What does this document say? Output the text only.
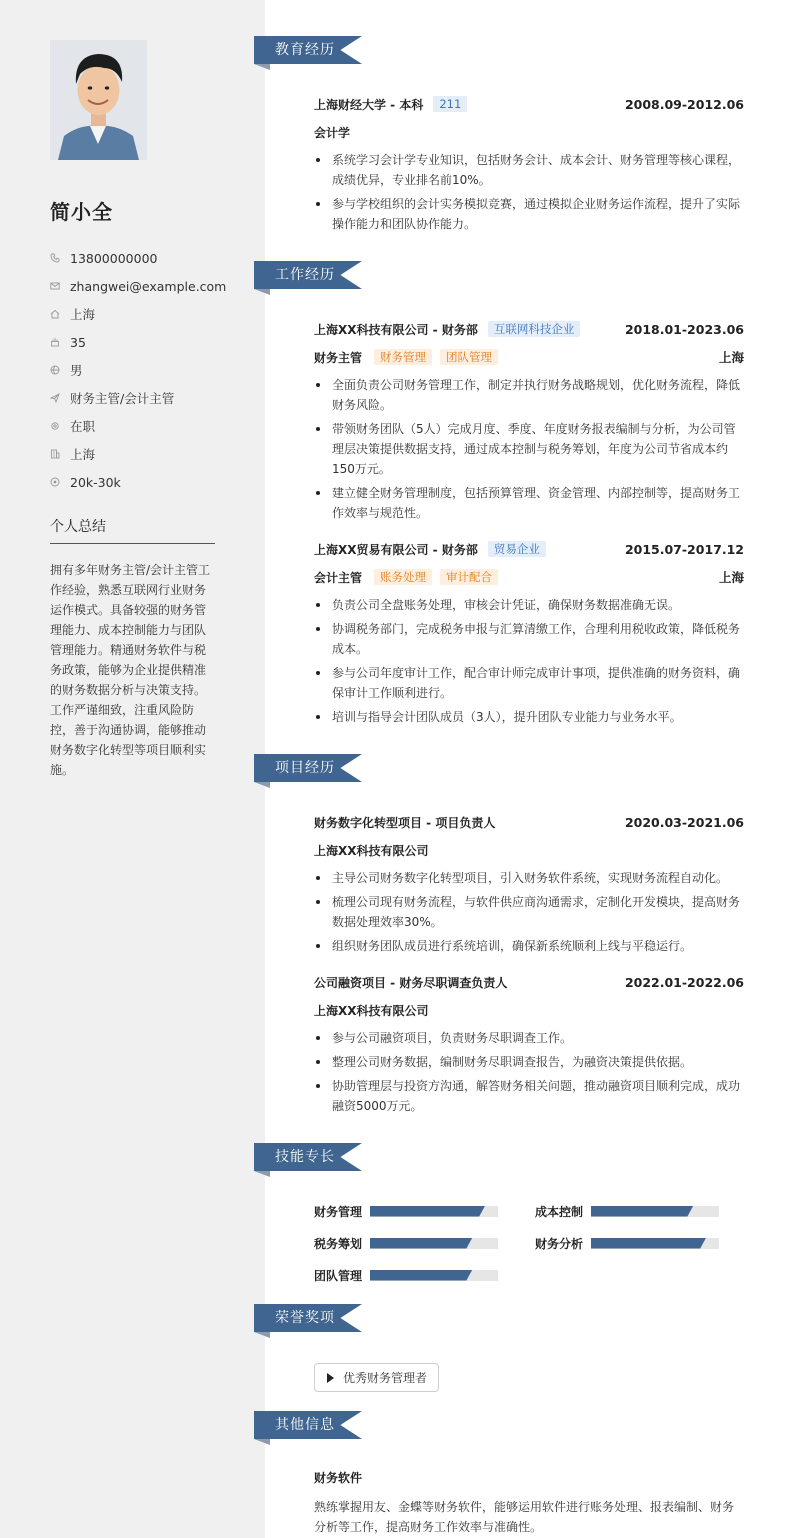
简小全
13800000000
zhangwei@example.com
上海
35
男
财务主管/会计主管
在职
上海
20k-30k
个人总结
拥有多年财务主管/会计主管工作经验，熟悉互联网行业财务运作模式。具备较强的财务管理能力、成本控制能力与团队管理能力。精通财务软件与税务政策，能够为企业提供精准的财务数据分析与决策支持。工作严谨细致，注重风险防控，善于沟通协调，能够推动财务数字化转型等项目顺利实施。
教育经历
上海财经大学 - 本科	211	2008.09-2012.06
会计学
系统学习会计学专业知识，包括财务会计、成本会计、财务管理等核心课程，成绩优异，专业排名前10%。
参与学校组织的会计实务模拟竞赛，通过模拟企业财务运作流程，提升了实际操作能力和团队协作能力。
工作经历
上海XX科技有限公司 - 财务部	互联网科技企业	2018.01-2023.06
财务主管	财务管理	团队管理	上海
全面负责公司财务管理工作，制定并执行财务战略规划，优化财务流程，降低财务风险。
带领财务团队（5人）完成月度、季度、年度财务报表编制与分析，为公司管理层决策提供数据支持，通过成本控制与税务筹划，年度为公司节省成本约150万元。
建立健全财务管理制度，包括预算管理、资金管理、内部控制等，提高财务工作效率与规范性。
上海XX贸易有限公司 - 财务部	贸易企业	2015.07-2017.12
会计主管	账务处理	审计配合	上海
负责公司全盘账务处理，审核会计凭证，确保财务数据准确无误。
协调税务部门，完成税务申报与汇算清缴工作，合理利用税收政策，降低税务成本。
参与公司年度审计工作，配合审计师完成审计事项，提供准确的财务资料，确保审计工作顺利进行。
培训与指导会计团队成员（3人），提升团队专业能力与业务水平。
项目经历
财务数字化转型项目 - 项目负责人	2020.03-2021.06
上海XX科技有限公司
主导公司财务数字化转型项目，引入财务软件系统，实现财务流程自动化。
梳理公司现有财务流程，与软件供应商沟通需求，定制化开发模块，提高财务数据处理效率30%。
组织财务团队成员进行系统培训，确保新系统顺利上线与平稳运行。
公司融资项目 - 财务尽职调查负责人	2022.01-2022.06
上海XX科技有限公司
参与公司融资项目，负责财务尽职调查工作。
整理公司财务数据，编制财务尽职调查报告，为融资决策提供依据。
协助管理层与投资方沟通，解答财务相关问题，推动融资项目顺利完成，成功融资5000万元。
技能专长
财务管理	成本控制
税务筹划	财务分析
团队管理
荣誉奖项
优秀财务管理者
其他信息
财务软件
熟练掌握用友、金蝶等财务软件，能够运用软件进行账务处理、报表编制、财务分析等工作，提高财务工作效率与准确性。
